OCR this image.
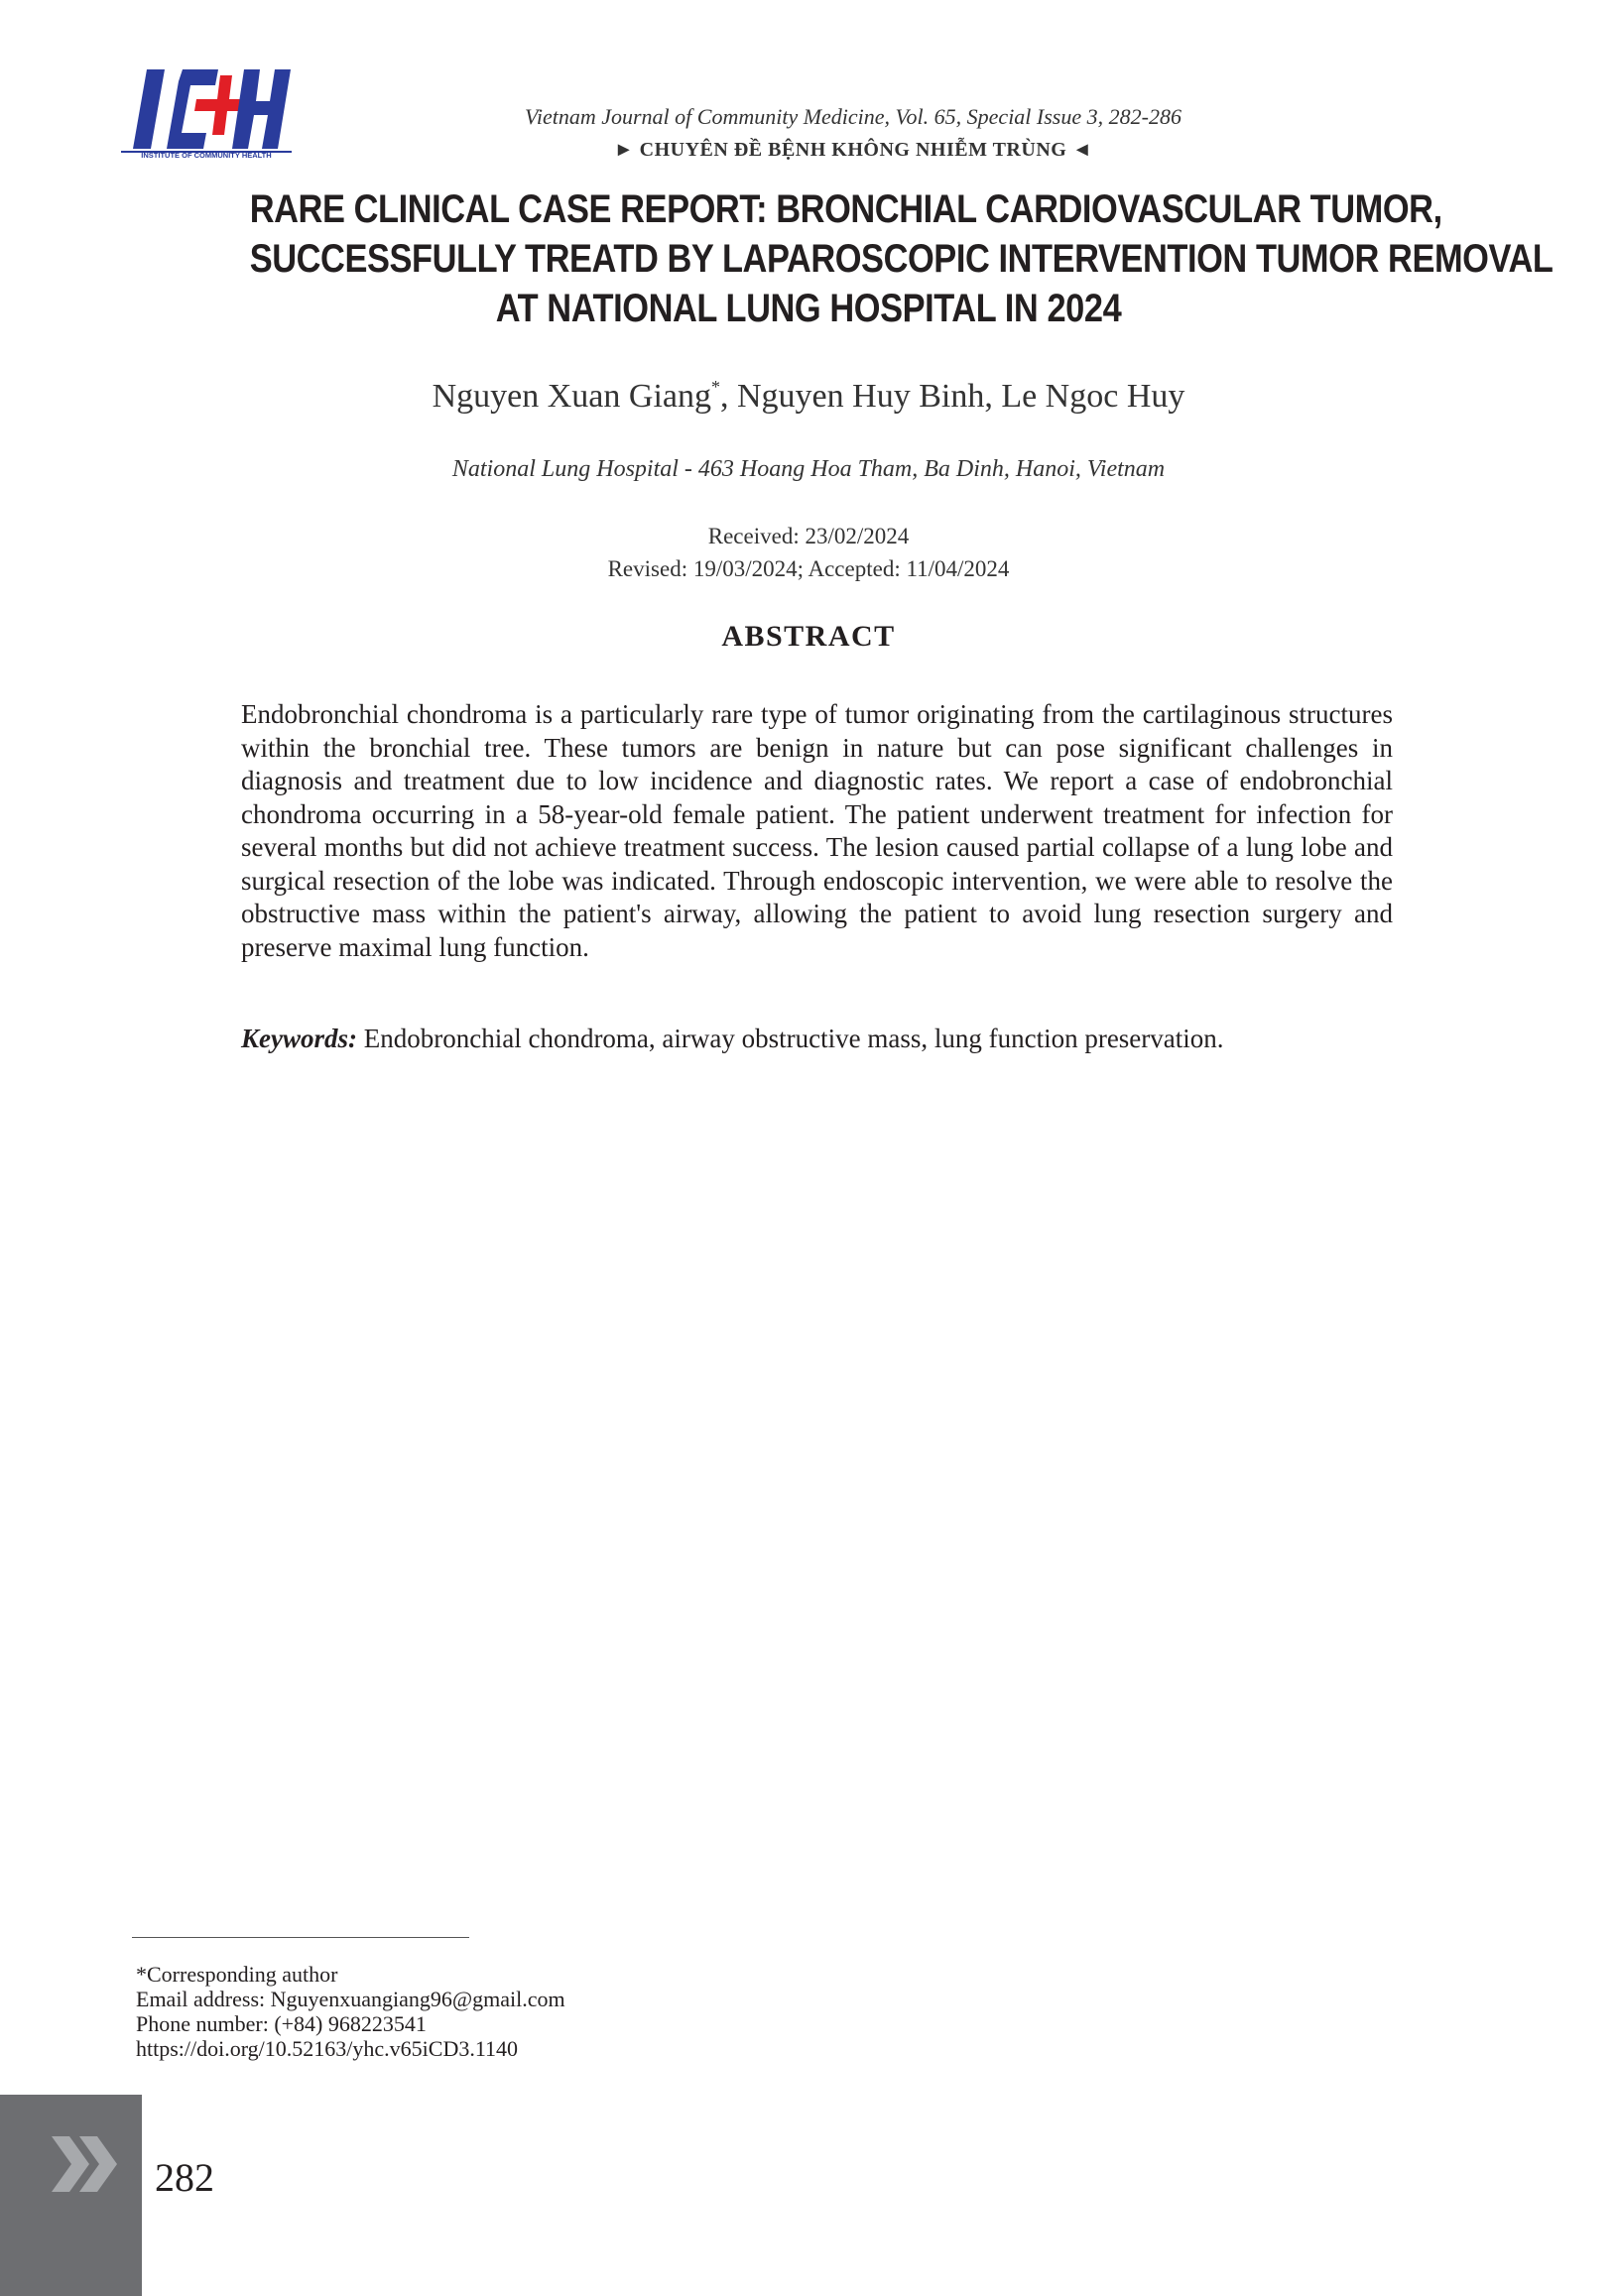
INSTITUTE OF COMMUNITY HEALTH
Vietnam Journal of Community Medicine, Vol. 65, Special Issue 3, 282-286
► CHUYÊN ĐỀ BỆNH KHÔNG NHIỄM TRÙNG ◄
RARE CLINICAL CASE REPORT: BRONCHIAL CARDIOVASCULAR TUMOR,
SUCCESSFULLY TREATD BY LAPAROSCOPIC INTERVENTION TUMOR REMOVAL
AT NATIONAL LUNG HOSPITAL IN 2024
Nguyen Xuan Giang*, Nguyen Huy Binh, Le Ngoc Huy
National Lung Hospital - 463 Hoang Hoa Tham, Ba Dinh, Hanoi, Vietnam
Received: 23/02/2024
Revised: 19/03/2024; Accepted: 11/04/2024
ABSTRACT
Endobronchial chondroma is a particularly rare type of tumor originating from the cartilaginous structures within the bronchial tree. These tumors are benign in nature but can pose significant challenges in diagnosis and treatment due to low incidence and diagnostic rates. We report a case of endobronchial chondroma occurring in a 58-year-old female patient. The patient underwent treatment for infection for several months but did not achieve treatment success. The lesion caused partial collapse of a lung lobe and surgical resection of the lobe was indicated. Through endoscopic intervention, we were able to resolve the obstructive mass within the patient's airway, allowing the patient to avoid lung resection surgery and preserve maximal lung function.
Keywords: Endobronchial chondroma, airway obstructive mass, lung function preservation.
*Corresponding author
Email address: Nguyenxuangiang96@gmail.com
Phone number: (+84) 968223541
https://doi.org/10.52163/yhc.v65iCD3.1140
282
